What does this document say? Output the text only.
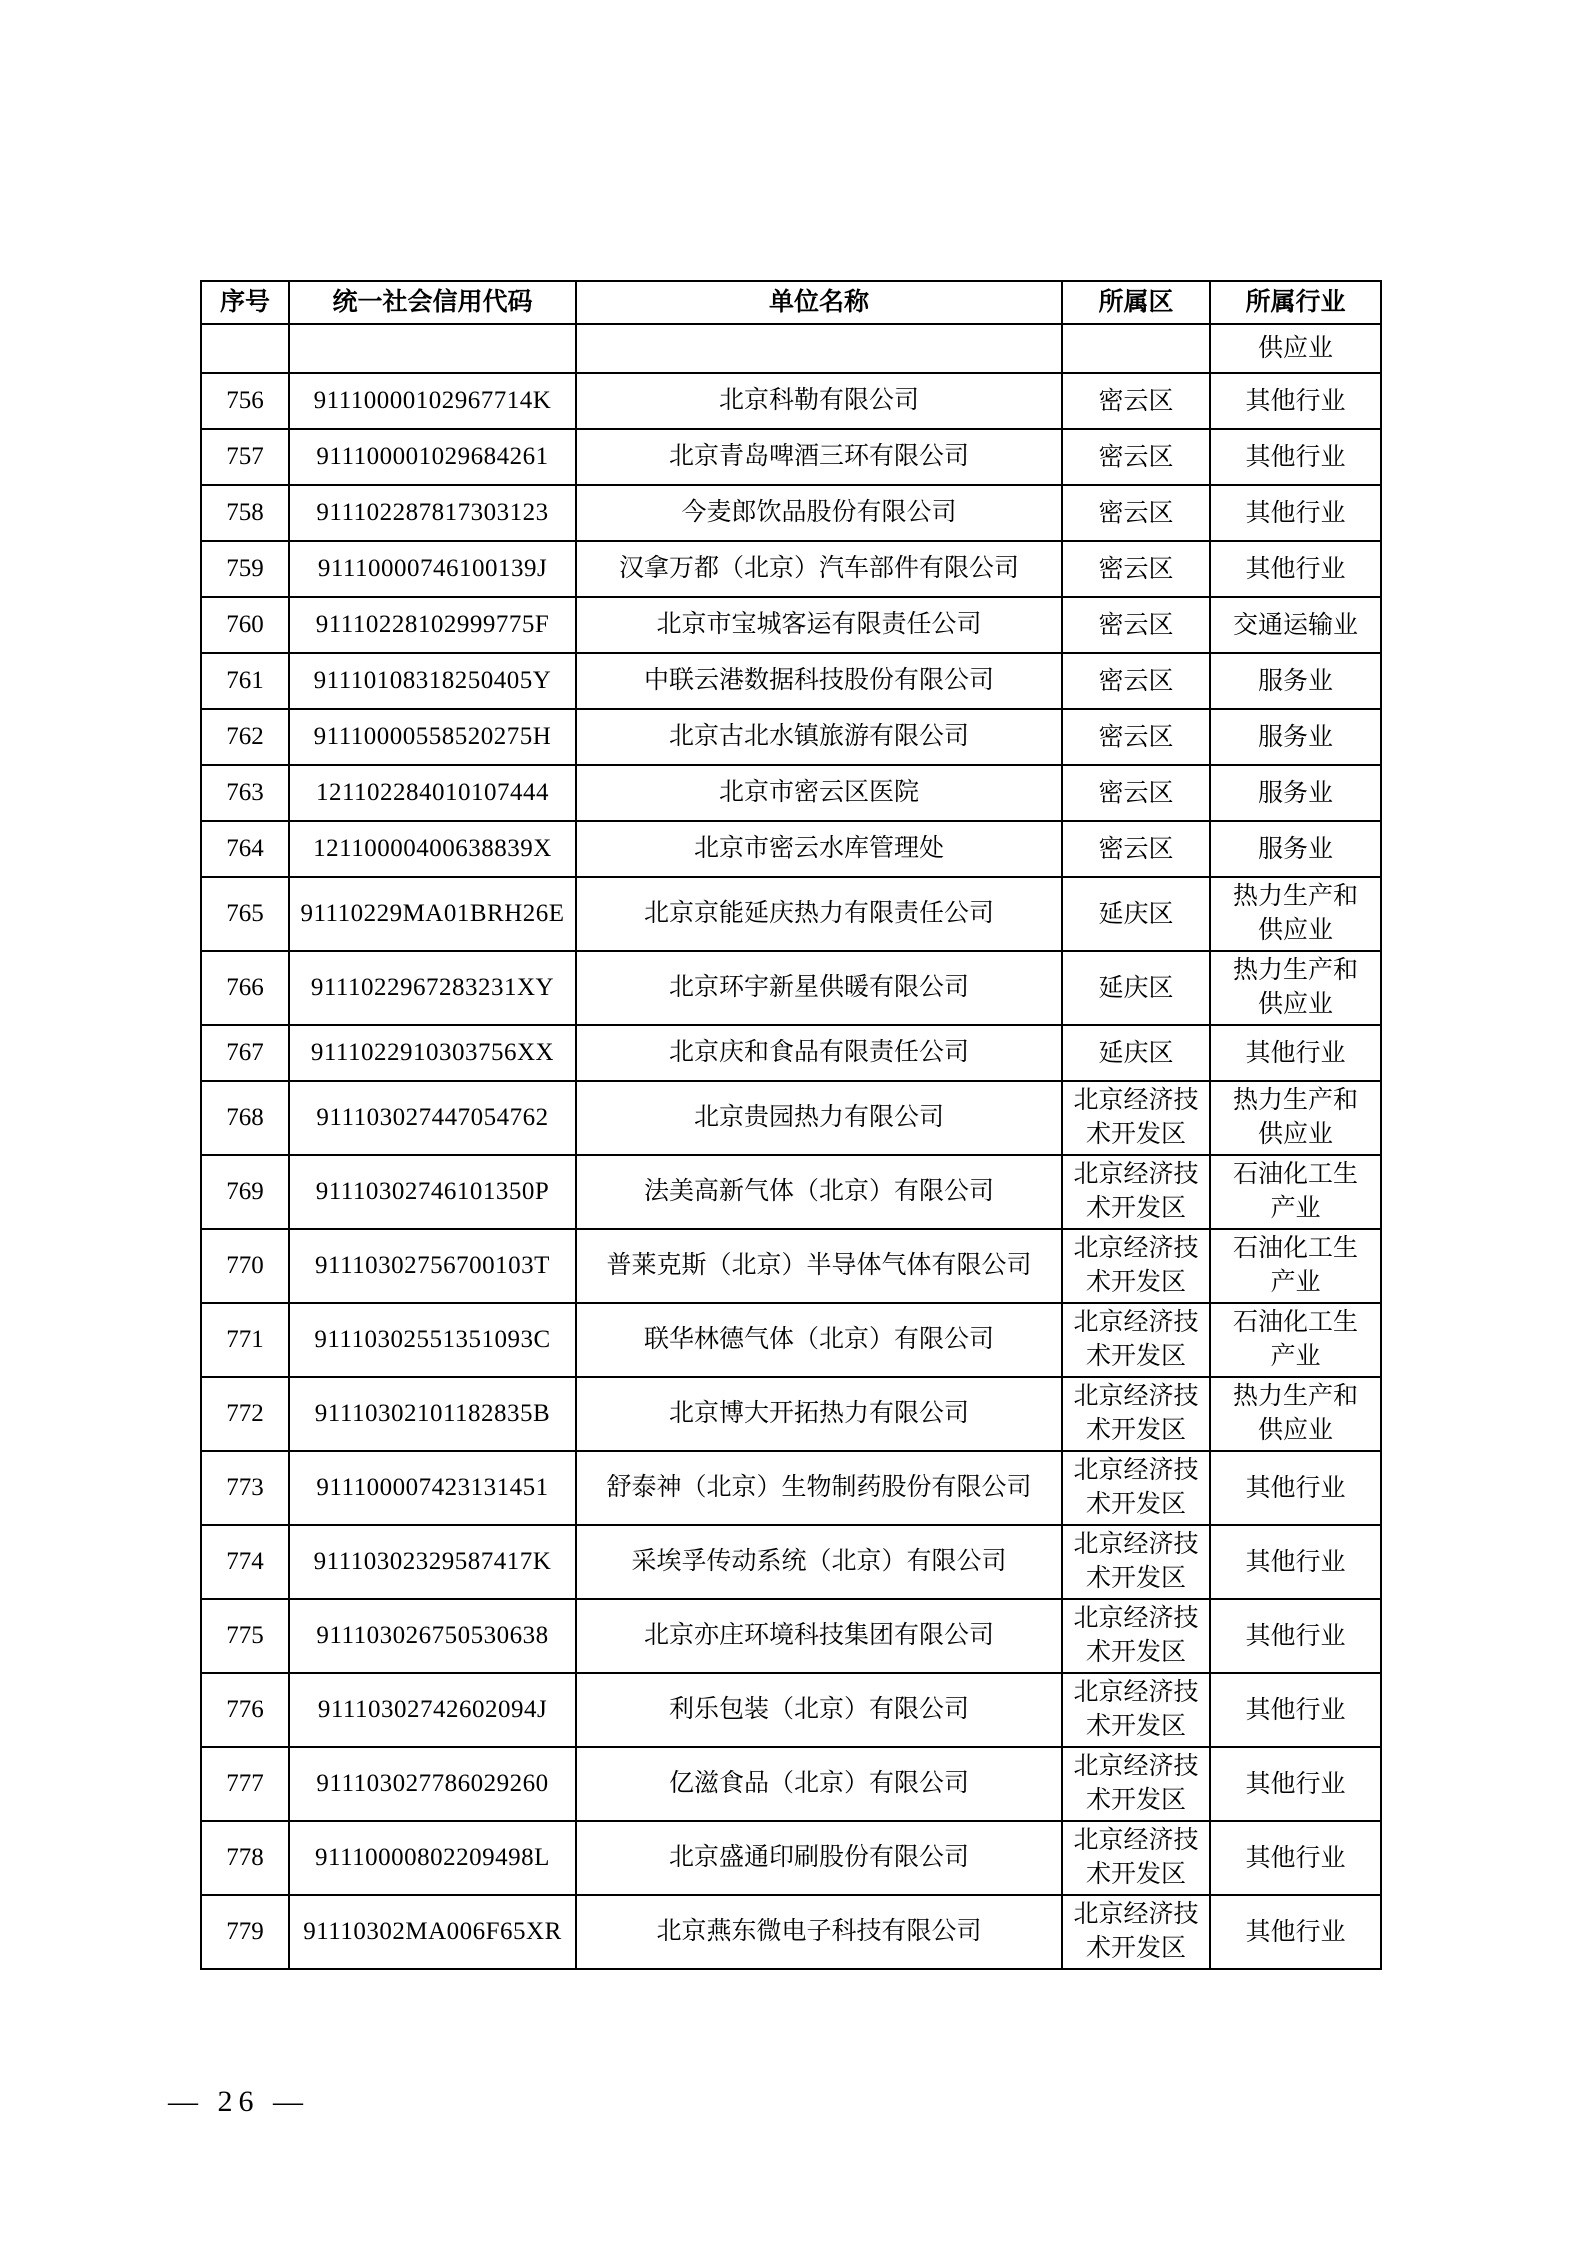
序号	统一社会信用代码	单位名称	所属区	所属行业
				供应业
756	91110000102967714K	北京科勒有限公司	密云区	其他行业
757	911100001029684261	北京青岛啤酒三环有限公司	密云区	其他行业
758	911102287817303123	今麦郎饮品股份有限公司	密云区	其他行业
759	91110000746100139J	汉拿万都（北京）汽车部件有限公司	密云区	其他行业
760	91110228102999775F	北京市宝城客运有限责任公司	密云区	交通运输业
761	91110108318250405Y	中联云港数据科技股份有限公司	密云区	服务业
762	91110000558520275H	北京古北水镇旅游有限公司	密云区	服务业
763	121102284010107444	北京市密云区医院	密云区	服务业
764	12110000400638839X	北京市密云水库管理处	密云区	服务业
765	91110229MA01BRH26E	北京京能延庆热力有限责任公司	延庆区	热力生产和供应业
766	9111022967283231XY	北京环宇新星供暖有限公司	延庆区	热力生产和供应业
767	9111022910303756XX	北京庆和食品有限责任公司	延庆区	其他行业
768	911103027447054762	北京贵园热力有限公司	北京经济技术开发区	热力生产和供应业
769	91110302746101350P	法美高新气体（北京）有限公司	北京经济技术开发区	石油化工生产业
770	91110302756700103T	普莱克斯（北京）半导体气体有限公司	北京经济技术开发区	石油化工生产业
771	91110302551351093C	联华林德气体（北京）有限公司	北京经济技术开发区	石油化工生产业
772	91110302101182835B	北京博大开拓热力有限公司	北京经济技术开发区	热力生产和供应业
773	911100007423131451	舒泰神（北京）生物制药股份有限公司	北京经济技术开发区	其他行业
774	91110302329587417K	采埃孚传动系统（北京）有限公司	北京经济技术开发区	其他行业
775	911103026750530638	北京亦庄环境科技集团有限公司	北京经济技术开发区	其他行业
776	91110302742602094J	利乐包装（北京）有限公司	北京经济技术开发区	其他行业
777	911103027786029260	亿滋食品（北京）有限公司	北京经济技术开发区	其他行业
778	91110000802209498L	北京盛通印刷股份有限公司	北京经济技术开发区	其他行业
779	91110302MA006F65XR	北京燕东微电子科技有限公司	北京经济技术开发区	其他行业
— 26 —
